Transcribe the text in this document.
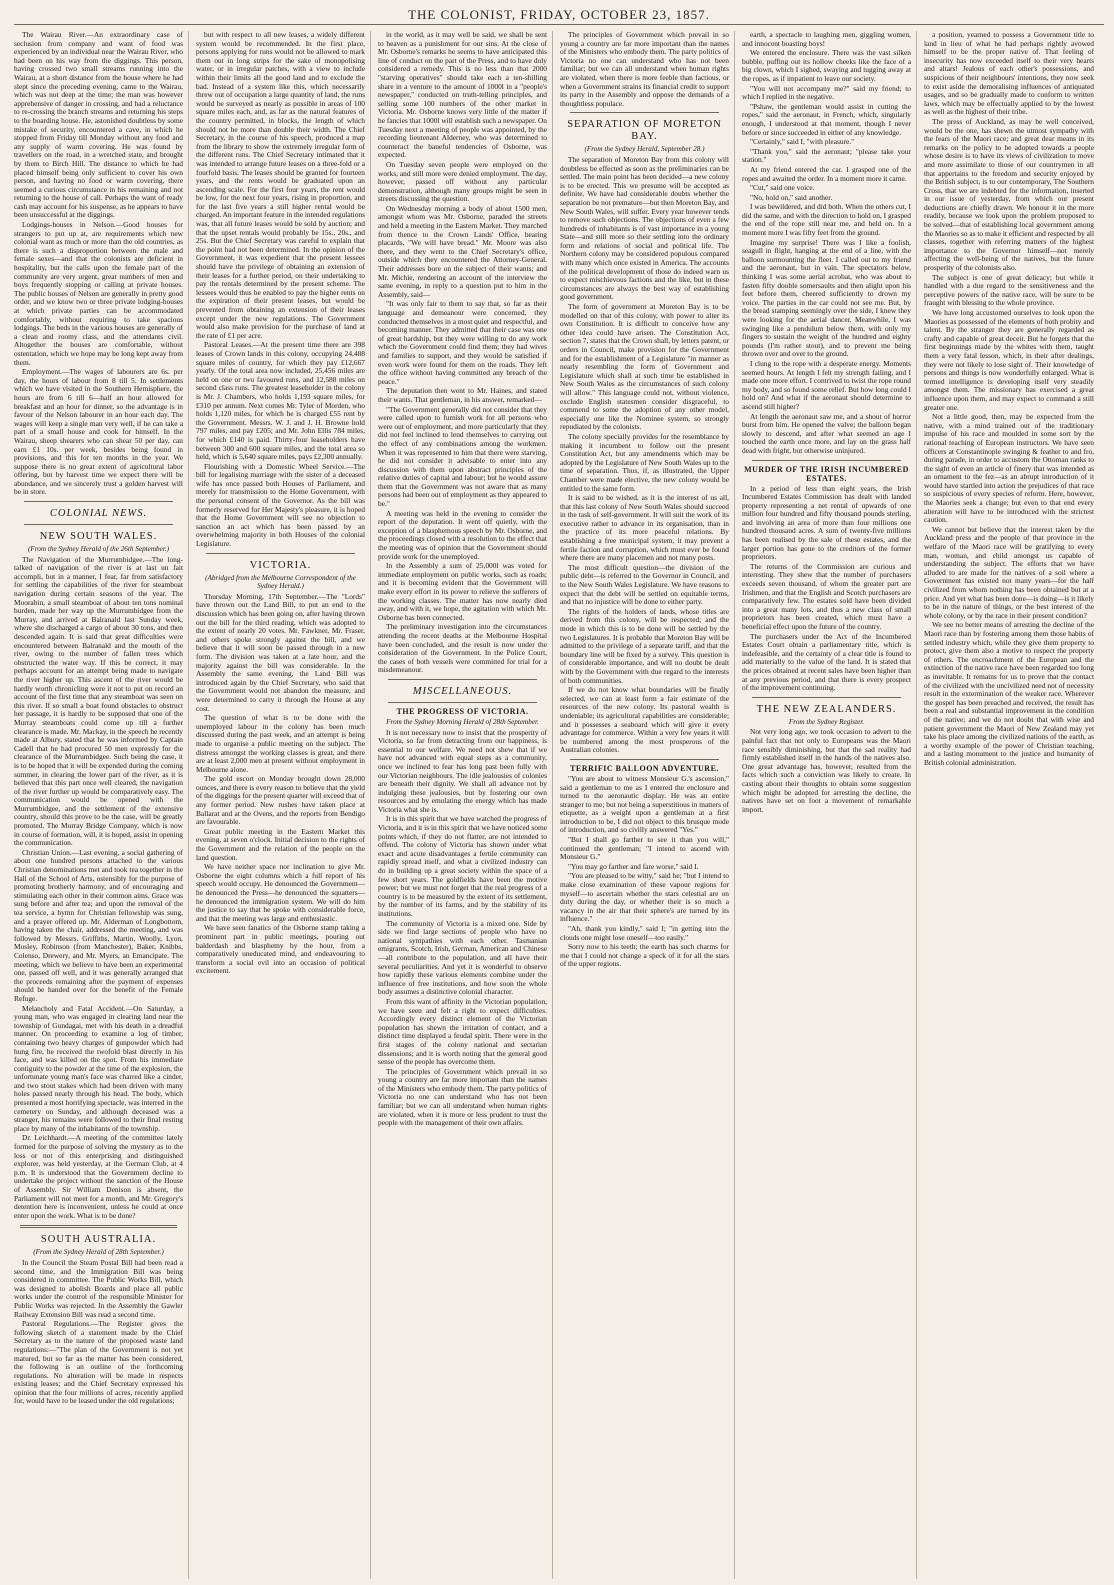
THE COLONIST, FRIDAY, OCTOBER 23, 1857.

The Wairau River.—An extraordinary case of seclusion from company and want of food was experienced by an individual near the Wairau River, who had been on his way from the diggings. This person, having crossed two small streams running into the Wairau, at a short distance from the house where he had slept since the preceding evening, came to the Wairau, which was not deep at the time; the man was however apprehensive of danger in crossing, and had a reluctance to re-crossing the branch streams and returning his steps to the boarding house. He, astonished doubtless by some mistake of security, encountered a cave, in which he stopped from Friday till Monday without any food and any supply of warm covering. He was found by travellers on the road, in a wretched state, and brought by them to Birch Hill. The distance to which he had placed himself being only sufficient to cover his own person, and having no food or warm covering, there seemed a curious circumstance in his remaining and not returning to the house of call. Perhaps the want of ready cash may account for his suspense, as he appears to have been unsuccessful at the diggings.

Lodgings-houses in Nelson.—Good houses for strangers to put up at, are requirements which new colonial want as much or more than the old countries, as there is such a disproportion between the male and female sexes—and that the colonists are deficient in hospitality, but the calls upon the female part of the community are very urgent, great numbers of men and boys frequently stopping or calling at private houses. The public houses of Nelson are generally in pretty good order, and we know two or three private lodging-houses at which private parties can be accommodated comfortably, without requiring to take spacious lodgings. The beds in the various houses are generally of a clean and roomy class, and the attendants civil. Altogether the houses are comfortable, without ostentation, which we hope may be long kept away from them.

Employment.—The wages of labourers are 6s. per day, the hours of labour from 8 till 5. In settlements which we have visited in the Southern Hemisphere, the hours are from 6 till 6—half an hour allowed for breakfast and an hour for dinner, so the advantage is in favour of the Nelson labourer in an hour each day. The wages will keep a single man very well, if he can take a part of a small house and cook for himself. In the Wairau, sheep shearers who can shear 50 per day, can earn £1 10s. per week, besides being found in provisions, and this for ten months in the year. We suppose there is no great extent of agricultural labor offering, but by harvest time we expect there will be abundance, and we sincerely trust a golden harvest will be in store.

COLONIAL NEWS.
NEW SOUTH WALES.

(From the Sydney Herald of the 26th September.)

The Navigation of the Murrumbidgee.—The long-talked of navigation of the river is at last un fait accompli, but in a manner, I fear, far from satisfactory for settling the capabilities of the river for steamboat navigation during certain seasons of the year. The Moorabin, a small steamboat of about ten tons nominal burden, made her way up the Murrumbidgee from the Murray, and arrived at Balranald last Sunday week, where she discharged a cargo of about 30 tons, and then descended again. It is said that great difficulties were encountered between Balranald and the mouth of the river, owing to the number of fallen trees which obstructed the water way. If this be correct, it may perhaps account for an attempt being made to navigate the river higher up. This ascent of the river would be hardly worth chronicling were it not to put on record an account of the first time that any steamboat was seen on this river. If so small a boat found obstacles to obstruct her passage, it is hardly to be supposed that one of the Murray steamboats could come up till a further clearance is made. Mr. Mackay, in the speech he recently made at Albury, stated that he was informed by Captain Cadell that he had procured 50 men expressly for the clearance of the Murrumbidgee. Such being the case, it is to be hoped that it will be expended during the coming summer, in clearing the lower part of the river, as it is believed that this part once well cleared, the navigation of the river further up would be comparatively easy. The communication would be opened with the Murrumbidgee, and the settlement of the extensive country, should this prove to be the case, will be greatly promoted. The Murray Bridge Company, which is now in course of formation, will, it is hoped, assist in opening the communication.

Christian Union.—Last evening, a social gathering of about one hundred persons attached to the various Christian denominations met and took tea together in the Hall of the School of Arts, ostensibly for the purpose of promoting brotherly harmony, and of encouraging and stimulating each other in their common aims. Grace was sung before and after tea; and upon the removal of the tea service, a hymn for Christian fellowship was sung, and a prayer offered up. Mr. Alderman of Longbottom, having taken the chair, addressed the meeting, and was followed by Messrs. Griffiths, Martin, Woolly, Lyon, Mosley, Robinson (from Manchester), Baker, Knibbs, Colenso, Drewery, and Mr. Myers, an Emancipate. The meeting, which we believe to have been an experimental one, passed off well, and it was generally arranged that the proceeds remaining after the payment of expenses should be handed over for the benefit of the Female Refuge.

Melancholy and Fatal Accident.—On Saturday, a young man, who was engaged in clearing land near the township of Gundagai, met with his death in a dreadful manner. On proceeding to examine a log of timber, containing two heavy charges of gunpowder which had hung fire, he received the twofold blast directly in his face, and was killed on the spot. From his immediate contiguity to the powder at the time of the explosion, the unfortunate young man's face was charred like a cinder, and two stout stakes which had been driven with many holes passed nearly through his head. The body, which presented a most horrifying spectacle, was interred in the cemetery on Sunday, and although deceased was a stranger, his remains were followed to their final resting place by many of the inhabitants of the township.

Dr. Leichhardt.—A meeting of the committee lately formed for the purpose of solving the mystery as to the loss or not of this enterprising and distinguished explorer, was held yesterday, at the German Club, at 4 p.m. It is understood that the Government decline to undertake the project without the sanction of the House of Assembly. Sir William Denison is absent, the Parliament will not meet for a month, and Mr. Gregory's detention here is inconvenient, unless he could at once enter upon the work. What is to be done?

SOUTH AUSTRALIA.

(From the Sydney Herald of 28th September.)

In the Council the Steam Postal Bill had been read a second time, and the Immigration Bill was being considered in committee. The Public Works Bill, which was designed to abolish Boards and place all public works under the control of the responsible Minister for Public Works was rejected. In the Assembly the Gawler Railway Extension Bill was read a second time.

Pastoral Regulations.—The Register gives the following sketch of a statement made by the Chief Secretary as to the nature of the proposed waste land regulations:—"The plan of the Government is not yet matured, but so far as the matter has been considered, the following is an outline of the forthcoming regulations. No alteration will be made in respects existing leases; and the Chief Secretary expressed his opinion that the four millions of acres, recently applied for, would have to be leased under the old regulations;

but with respect to all new leases, a widely different system would be recommended. In the first place, persons applying for runs would not be allowed to mark them out in long strips for the sake of monopolising water, or in irregular patches, with a view to include within their limits all the good land and to exclude the bad. Instead of a system like this, which necessarily threw out of occupation a large quantity of land, the runs would be surveyed as nearly as possible in areas of 100 square miles each, and, as far as the natural features of the country permitted, in blocks, the length of which should not be more than double their width. The Chief Secretary, in the course of his speech, produced a map from the library to show the extremely irregular form of the different runs. The Chief Secretary intimated that it was intended to arrange future leases on a three-fold or a fourfold basis. The leases should be granted for fourteen years, and the rents would be graduated upon an ascending scale. For the first four years, the rent would be low, for the next four years, rising in proportion, and for the last five years a still higher rental would be charged. An important feature in the intended regulations was, that all future leases would be sold by auction; and that the upset rentals would probably be 15s., 20s., and 25s. But the Chief Secretary was careful to explain that the point had not been determined. In the opinion of the Government, it was expedient that the present lessees should have the privilege of obtaining an extension of their leases for a further period, on their undertaking to pay the rentals determined by the present scheme. The lessees would thus be enabled to pay the higher rents on the expiration of their present leases, but would be prevented from obtaining an extension of their leases except under the new regulations. The Government would also make provision for the purchase of land at the rate of £1 per acre.

Pastoral Leases.—At the present time there are 398 leases of Crown lands in this colony, occupying 24,488 square miles of country, for which they pay £12,667 yearly. Of the total area now included, 25,456 miles are held on one or two favoured runs, and 12,588 miles on second class runs. The greatest leaseholder in the colony is Mr. J. Chambers, who holds 1,193 square miles, for £310 per annum. Next comes Mr. Tyler of Morden, who holds 1,120 miles, for which he is charged £55 rent by the Government. Messrs. W. J. and J. H. Browne hold 797 miles, and pay £205; and Mr. John Ellis 784 miles, for which £140 is paid. Thirty-four leaseholders have between 300 and 600 square miles, and the total area so held, which is 5,640 square miles, pays £2,300 annually.

Flourishing with a Domestic Wheel Service.—The bill for legalising marriage with the sister of a deceased wife has once passed both Houses of Parliament, and merely for transmission to the Home Government, with the personal consent of the Governor. As the bill was formerly reserved for Her Majesty's pleasure, it is hoped that the Home Government will see no objection to sanction an act which has been passed by an overwhelming majority in both Houses of the colonial Legislature.

VICTORIA.

(Abridged from the Melbourne Correspondent of the Sydney Herald.)

Thursday Morning, 17th September.—The "Lords" have thrown out the Land Bill, to put an end to the discussion which has been going on, after having thrown out the bill for the third reading, which was adopted to the extent of nearly 20 votes. Mr. Fawkner, Mr. Fraser, and others spoke strongly against the bill, and we believe that it will soon be passed through in a new form. The division was taken at a late hour, and the majority against the bill was considerable. In the Assembly the same evening, the Land Bill was introduced again by the Chief Secretary, who said that the Government would not abandon the measure, and were determined to carry it through the House at any cost.

The question of what is to be done with the unemployed labour in the colony has been much discussed during the past week, and an attempt is being made to organise a public meeting on the subject. The distress amongst the working classes is great, and there are at least 2,000 men at present without employment in Melbourne alone.

The gold escort on Monday brought down 28,000 ounces, and there is every reason to believe that the yield of the diggings for the present quarter will exceed that of any former period. New rushes have taken place at Ballarat and at the Ovens, and the reports from Bendigo are favourable.

Great public meeting in the Eastern Market this evening, at seven o'clock. Initial decision to the rights of the Government and the relation of the people on the land question.

We have neither space nor inclination to give Mr. Osborne the eight columns which a full report of his speech would occupy. He denounced the Government—he denounced the Press—he denounced the squatters—he denounced the immigration system. We will do him the justice to say that he spoke with considerable force, and that the meeting was large and enthusiastic.

We have seen fanatics of the Osborne stamp taking a prominent part in public meetings, pouring out balderdash and blasphemy by the hour, from a comparatively uneducated mind, and endeavouring to transform a social evil into an occasion of political excitement.

in the world, as it may well be said, we shall be sent to heaven as a punishment for our sins. At the close of Mr. Osborne's remarks he seems to have anticipated this line of conduct on the part of the Press, and to have duly considered a remedy. This is no less than that 2000 "starving operatives" should take each a ten-shilling share in a venture to the amount of 1000l in a "people's newspaper," conducted on truth-telling principles, and selling some 100 numbers of the other market in Victoria. Mr. Osborne knows very little of the matter if he fancies that 1000l will establish such a newspaper. On Tuesday next a meeting of people was appointed, by the recording lieutenant Alderney, who was determined to counteract the baneful tendencies of Osborne, was expected.

On Tuesday seven people were employed on the works, and still more were denied employment. The day, however, passed off without any particular demonstration, although many groups might be seen in streets discussing the question.

On Wednesday morning a body of about 1500 men, amongst whom was Mr. Osborne, paraded the streets and held a meeting in the Eastern Market. They marched from thence to the Crown Lands' Office, bearing placards, "We will have bread." Mr. Moore was also there, and they went to the Chief Secretary's office, outside which they encountered the Attorney-General. Their addresses bore on the subject of their wants; and Mr. Michie, rendering an account of the interview the same evening, in reply to a question put to him in the Assembly, said—

"It was only fair to them to say that, so far as their language and demeanour were concerned, they conducted themselves in a most quiet and respectful, and becoming manner. They admitted that their case was one of great hardship, but they were willing to do any work which the Government could find them; they had wives and families to support, and they would be satisfied if even work were found for them on the roads. They left the office without having committed any breach of the peace."

The deputation then went to Mr. Haines, and stated their wants. That gentleman, in his answer, remarked—

"The Government generally did not consider that they were called upon to furnish work for all persons who were out of employment, and more particularly that they did not feel inclined to lend themselves to carrying out the effect of any combinations among the workmen. When it was represented to him that there were starving, he did not consider it advisable to enter into any discussion with them upon abstract principles of the relative duties of capital and labour; but he would assure them that the Government was not aware that as many persons had been out of employment as they appeared to be."

A meeting was held in the evening to consider the report of the deputation. It went off quietly, with the exception of a blasphemous speech by Mr. Osborne, and the proceedings closed with a resolution to the effect that the meeting was of opinion that the Government should provide work for the unemployed.

In the Assembly a sum of 25,000l was voted for immediate employment on public works, such as roads; and it is becoming evident that the Government will make every effort in its power to relieve the sufferers of the working classes. The matter has now nearly died away, and with it, we hope, the agitation with which Mr. Osborne has been connected.

The preliminary investigation into the circumstances attending the recent deaths at the Melbourne Hospital have been concluded, and the result is now under the consideration of the Government. In the Police Court, the cases of both vessels were committed for trial for a misdemeanour.

MISCELLANEOUS.
THE PROGRESS OF VICTORIA.

From the Sydney Morning Herald of 28th September.

It is not necessary now to insist that the prosperity of Victoria, so far from detracting from our happiness, is essential to our welfare. We need not shew that if we have not advanced with equal steps as a community, once we inclined to fear has long past been fully with our Victorian neighbours. The idle jealousies of colonies are beneath their dignity. We shall all advance not by indulging these jealousies, but by fostering our own resources and by emulating the energy which has made Victoria what she is.

It is in this spirit that we have watched the progress of Victoria, and it is in this spirit that we have noticed some points which, if they do not flatter, are not intended to offend. The colony of Victoria has shown under what exact and acute disadvantages a fertile community can rapidly spread itself, and what a civilized industry can do in building up a great society within the space of a few short years. The goldfields have been the motive power; but we must not forget that the real progress of a country is to be measured by the extent of its settlement, by the number of its farms, and by the stability of its institutions.

The community of Victoria is a mixed one. Side by side we find large sections of people who have no national sympathies with each other. Tasmanian emigrants, Scotch, Irish, German, American and Chinese—all contribute to the population, and all have their several peculiarities. And yet it is wonderful to observe how rapidly these various elements combine under the influence of free institutions, and how soon the whole body assumes a distinctive colonial character.

From this want of affinity in the Victorian population, we have seen and felt a right to expect difficulties. Accordingly every distinct element of the Victorian population has shewn the irritation of contact, and a distinct time displayed a feudal spirit. There were in the first stages of the colony national and sectarian dissensions; and it is worth noting that the general good sense of the people has overcome them.

The principles of Government which prevail in so young a country are far more important than the names of the Ministers who embody them. The party politics of Victoria no one can understand who has not been familiar; but we can all understand when human rights are violated, when it is more or less prudent to trust the people with the management of their own affairs.

The principles of Government which prevail in so young a country are far more important than the names of the Ministers who embody them. The party politics of Victoria no one can understand who has not been familiar; but we can all understand when human rights are violated, when there is more feeble than factious, or when a Government strains its financial credit to support its party in the Assembly and oppose the demands of a thoughtless populace.

SEPARATION OF MORETON BAY.

(From the Sydney Herald, September 28.)

The separation of Moreton Bay from this colony will doubtless be effected as soon as the preliminaries can be settled. The main point has been decided—a new colony is to be erected. This we presume will be accepted as definite. We have had considerable doubts whether the separation be not premature—but then Moreton Bay, and New South Wales, will suffer. Every year however tends to remove such objections. The objections of even a few hundreds of inhabitants is of vast importance in a young State—and still more so their settling into the ordinary form and relations of social and political life. The Northern colony may be considered populous compared with many which once existed in America. The accounts of the political development of those do indeed warn us to expect mischievous factions and the like, but in these circumstances are always the best way of establishing good government.

The form of government at Moreton Bay is to be modelled on that of this colony, with power to alter its own Constitution. It is difficult to conceive how any other idea could have arisen. The Constitution Act, section 7, states that the Crown shall, by letters patent, or orders in Council, make provision for the Government and for the establishment of a Legislature "in manner as nearly resembling the form of Government and Legislature which shall at such time be established in New South Wales as the circumstances of such colony will allow." This language could not, without violence, exclude English statesmen consider disgraceful, to commend to some the adoption of any other model, especially one like the Nominee system, so strongly repudiated by the colonists.

The colony specially provides for the resemblance by making it incumbent to follow out the present Constitution Act, but any amendments which may be adopted by the Legislature of New South Wales up to the time of separation. Thus, if, as illustrated, the Upper Chamber were made elective, the new colony would be entitled to the same form.

It is said to be wished, as it is the interest of us all, that this last colony of New South Wales should succeed in the task of self-government. It will suit the work of its executive rather to advance in its organisation, than in the practice of its more peaceful relations. By establishing a free municipal system, it may prevent a fertile faction and corruption, which must ever be found where there are many placemen and not many posts.

The most difficult question—the division of the public debt—is referred to the Governor in Council, and to the New South Wales Legislature. We have reasons to expect that the debt will be settled on equitable terms, and that no injustice will be done to either party.

The rights of the holders of lands, whose titles are derived from this colony, will be respected; and the mode in which this is to be done will be settled by the two Legislatures. It is probable that Moreton Bay will be admitted to the privilege of a separate tariff, and that the boundary line will be fixed by a survey. This question is of considerable importance, and will no doubt be dealt with by the Government with due regard to the interests of both communities.

If we do not know what boundaries will be finally selected, we can at least form a fair estimate of the resources of the new colony. Its pastoral wealth is undeniable; its agricultural capabilities are considerable; and it possesses a seaboard which will give it every advantage for commerce. Within a very few years it will be numbered among the most prosperous of the Australian colonies.

TERRIFIC BALLOON ADVENTURE.

"You are about to witness Monsieur G.'s ascension," said a gentleman to me as I entered the enclosure and turned to the aeronautic display. He was an entire stranger to me; but not being a superstitious in matters of etiquette, as a weight upon a gentleman at a first introduction to be, I did not object to this brusque mode of introduction, and so civilly answered "Yes."

"But I shall go farther to see it than you will," continued the gentleman; "I intend to ascend with Monsieur G."

"You may go farther and fare worse," said I.

"You are pleased to be witty," said he; "but I intend to make close examination of these vapour regions for myself—to ascertain whether the stars celestial are on duty during the day, or whether their is so much a vacancy in the air that their sphere's are turned by its influence."

"Ah, thank you kindly," said I; "in getting into the clouds one might lose oneself—too easily."

Sorry now to his teeth; the earth has such charms for me that I could not change a speck of it for all the stars of the upper regions.

earth, a spectacle to laughing men, giggling women, and innocent boasting boys!

We entered the enclosure. There was the vast silken bubble, puffing out its hollow cheeks like the face of a big clown, which I sighed, swaying and tugging away at the ropes, as if impatient to leave our society.

"You will not accompany me?" said my friend; to which I replied in the negative.

"Pshaw, the gentleman would assist in cutting the ropes," said the aeronaut, in French, which, singularly enough, I understood at that moment, though I never before or since succeeded in either of any knowledge.

"Certainly," said I, "with pleasure."

"Thank you," said the aeronaut; "please take your station."

At my friend entered the car. I grasped one of the ropes and awaited the order. In a moment more it came.

"Cut," said one voice.

"No, hold on," said another.

I was bewildered, and did both. When the others cut, I did the same, and with the direction to hold on, I grasped the end of the rope still near me, and held on. In a moment more I was fifty feet from the ground.

Imagine my surprise! There was I like a foolish, seagull in flight, hanging at the end of a line, with the balloon surmounting the fleet. I called out to my friend and the aeronaut, but in vain. The spectators below, thinking I was some aerial acrobat, who was about to fasten fifty double somersaults and then alight upon his feet before them, cheered sufficiently to drown my voice. The parties in the car could not see me. But, by the bread stamping seemingly over the side, I knew they were looking for the aerial dancer. Meanwhile, I was swinging like a pendulum below them, with only my fingers to sustain the weight of the hundred and eighty pounds (I'm rather stout), and to prevent me being thrown over and over to the ground.

I clung to the rope with a desperate energy. Moments seemed hours. At length I felt my strength failing, and I made one more effort. I contrived to twist the rope round my body, and so found some relief. But how long could I hold on? And what if the aeronaut should determine to ascend still higher?

At length the aeronaut saw me, and a shout of horror burst from him. He opened the valve; the balloon began slowly to descend, and after what seemed an age I touched the earth once more, and lay on the grass half dead with fright, but otherwise uninjured.

MURDER OF THE IRISH INCUMBERED ESTATES.

In a period of less than eight years, the Irish Incumbered Estates Commission has dealt with landed property representing a net rental of upwards of one million four hundred and fifty thousand pounds sterling, and involving an area of more than four millions one hundred thousand acres. A sum of twenty-five millions has been realised by the sale of these estates, and the larger portion has gone to the creditors of the former proprietors.

The returns of the Commission are curious and interesting. They shew that the number of purchasers exceeds seven thousand, of whom the greater part are Irishmen, and that the English and Scotch purchasers are comparatively few. The estates sold have been divided into a great many lots, and thus a new class of small proprietors has been created, which must have a beneficial effect upon the future of the country.

The purchasers under the Act of the Incumbered Estates Court obtain a parliamentary title, which is indefeasible, and the certainty of a clear title is found to add materially to the value of the land. It is stated that the prices obtained at recent sales have been higher than at any previous period, and that there is every prospect of the improvement continuing.

THE NEW ZEALANDERS.

From the Sydney Register.

Not very long ago, we took occasion to advert to the painful fact that not only to Europeans was the Maori race sensibly diminishing, but that the sad reality had firmly established itself in the hands of the natives also. One great advantage has, however, resulted from the facts which such a conviction was likely to create. In casting about their thoughts to obtain some suggestion which might be adopted for arresting the decline, the natives have set on foot a movement of remarkable import.

a position, yearned to possess a Government title to land in lieu of what he had perhaps rightly avowed himself to be the proper native of. That feeling of insecurity has now exceeded itself to their very hearts and altars! Jealous of each other's possessions, and suspicious of their neighbours' intentions, they now seek to exist aside the demoralising influences of antiquated usages, and so be gradually made to conform to written laws, which may be effectually applied to by the lowest as well as the highest of their tribe.

The press of Auckland, as may be well conceived, would be the one, has shewn the utmost sympathy with the fears of the Maori race; and great dear means in its remarks on the policy to be adopted towards a people whose desire is to have its views of civilization to move and more assimilate to those of our countrymen in all that appertains to the freedom and security enjoyed by the British subject, is to our contemporary, The Southern Cross, that we are indebted for the information, inserted in our issue of yesterday, from which our present deductions are chiefly drawn. We honour it in the more readily, because we look upon the problem proposed to be solved—that of establishing local government among the Maories so as to make it efficient and respected by all classes, together with referring matters of the highest importance to the Governor himself—not merely affecting the well-being of the natives, but the future prosperity of the colonists also.

The subject is one of great delicacy; but while it handled with a due regard to the sensitiveness and the perceptive powers of the native race, will be sure to be fraught with blessing to the whole province.

We have long accustomed ourselves to look upon the Maories as possessed of the elements of both probity and talent. By the stranger they are generally regarded as crafty and capable of great deceit. But he forgets that the first beginnings made by the whites with them, taught them a very fatal lesson, which, in their after dealings, they were not likely to lose sight of. Their knowledge of persons and things is now wonderfully enlarged. What is termed intelligence is developing itself very steadily amongst them. The missionary has exercised a great influence upon them, and may expect to command a still greater one.

Not a little good, then, may be expected from the native, with a mind trained out of the traditionary impulse of his race and moulded in some sort by the rational teaching of European instructors. We have seen officers at Constantinople swinging & feather to and fro, during parade, in order to accustom the Ottoman ranks to the sight of even an article of finery that was intended as an ornament to the fez—as an abrupt introduction of it would have startled into action the prejudices of that race so suspicious of every species of reform. Here, however, the Maories seek a change; but even to that end every alteration will have to be introduced with the strictest caution.

We cannot but believe that the interest taken by the Auckland press and the people of that province in the welfare of the Maori race will be gratifying to every man, woman, and child amongst us capable of understanding the subject. The efforts that we have alluded to are made for the natives of a soil where a Government has existed not many years—for the half civilized from whom nothing has been obtained but at a price. And yet what has been done—is doing—is it likely to be in the nature of things, or the best interest of the whole colony, or by the race in their present condition?

We see no better means of arresting the decline of the Maori race than by fostering among them those habits of settled industry which, while they give them property to protect, give them also a motive to respect the property of others. The encroachment of the European and the extinction of the native race have been regarded too long as inevitable. It remains for us to prove that the contact of the civilized with the uncivilized need not of necessity result in the extermination of the weaker race. Wherever the gospel has been preached and received, the result has been a real and substantial improvement in the condition of the native; and we do not doubt that with wise and patient government the Maori of New Zealand may yet take his place among the civilized nations of the earth, as a worthy example of the power of Christian teaching, and a lasting monument to the justice and humanity of British colonial administration.
